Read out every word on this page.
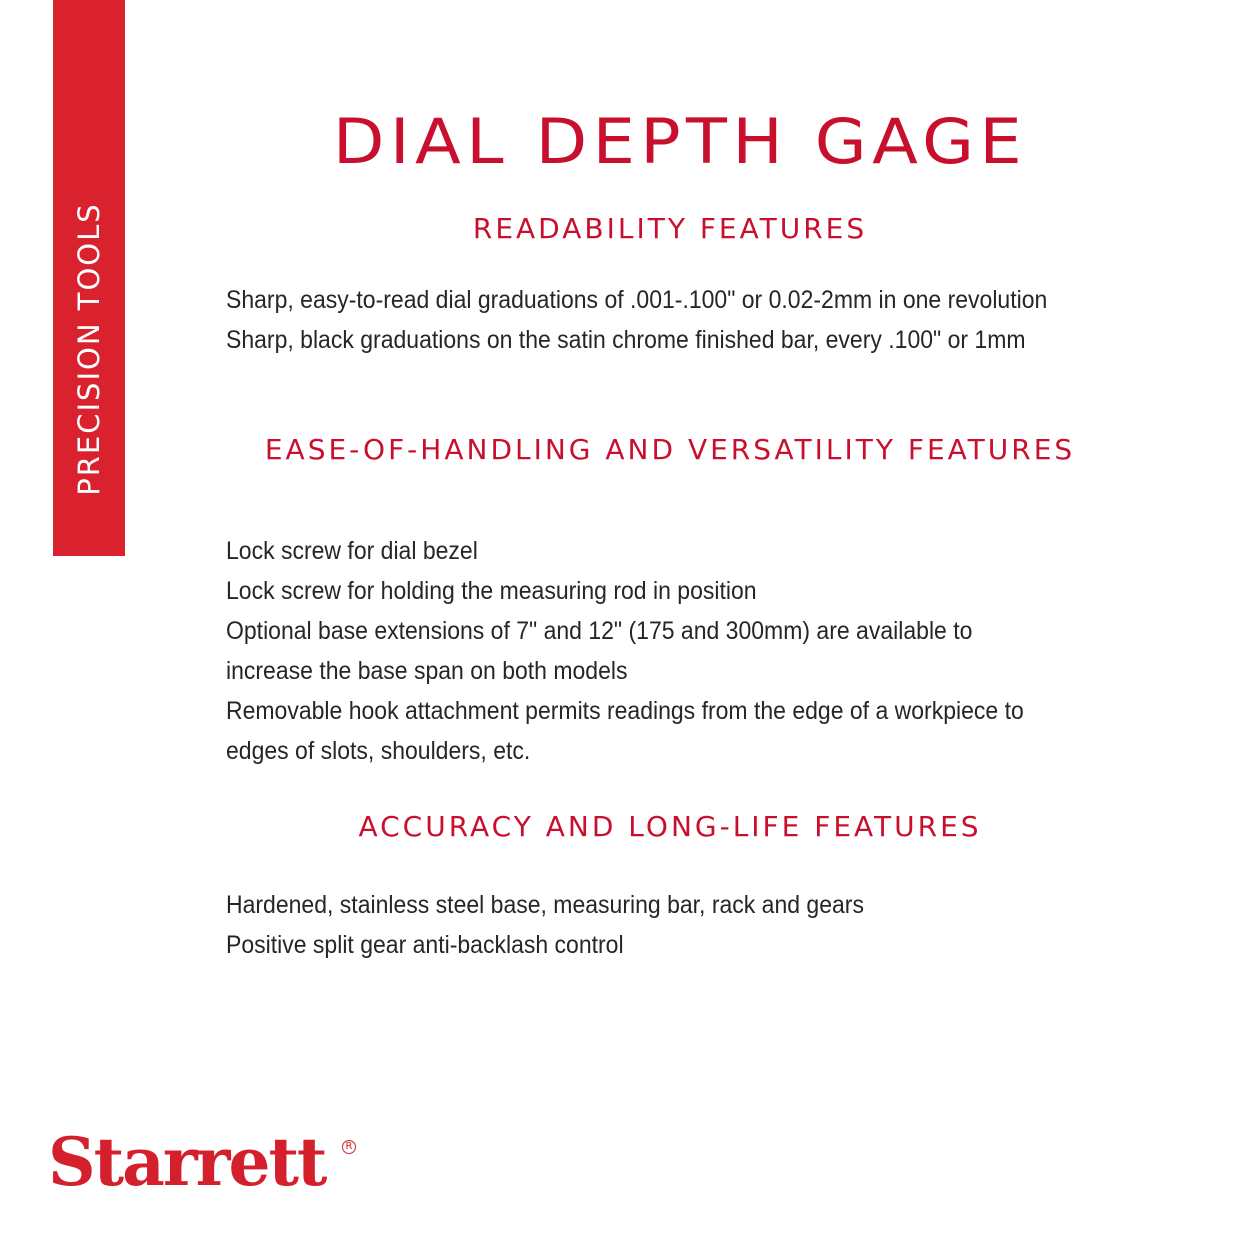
PRECISION TOOLS
DIAL DEPTH GAGE
READABILITY FEATURES
Sharp, easy-to-read dial graduations of .001-.100" or 0.02-2mm in one revolution
Sharp, black graduations on the satin chrome finished bar, every .100" or 1mm
EASE-OF-HANDLING AND VERSATILITY FEATURES
Lock screw for dial bezel
Lock screw for holding the measuring rod in position
Optional base extensions of 7" and 12" (175 and 300mm) are available to increase the base span on both models
Removable hook attachment permits readings from the edge of a workpiece to edges of slots, shoulders, etc.
ACCURACY AND LONG-LIFE FEATURES
Hardened, stainless steel base, measuring bar, rack and gears
Positive split gear anti-backlash control
Starrett	R
